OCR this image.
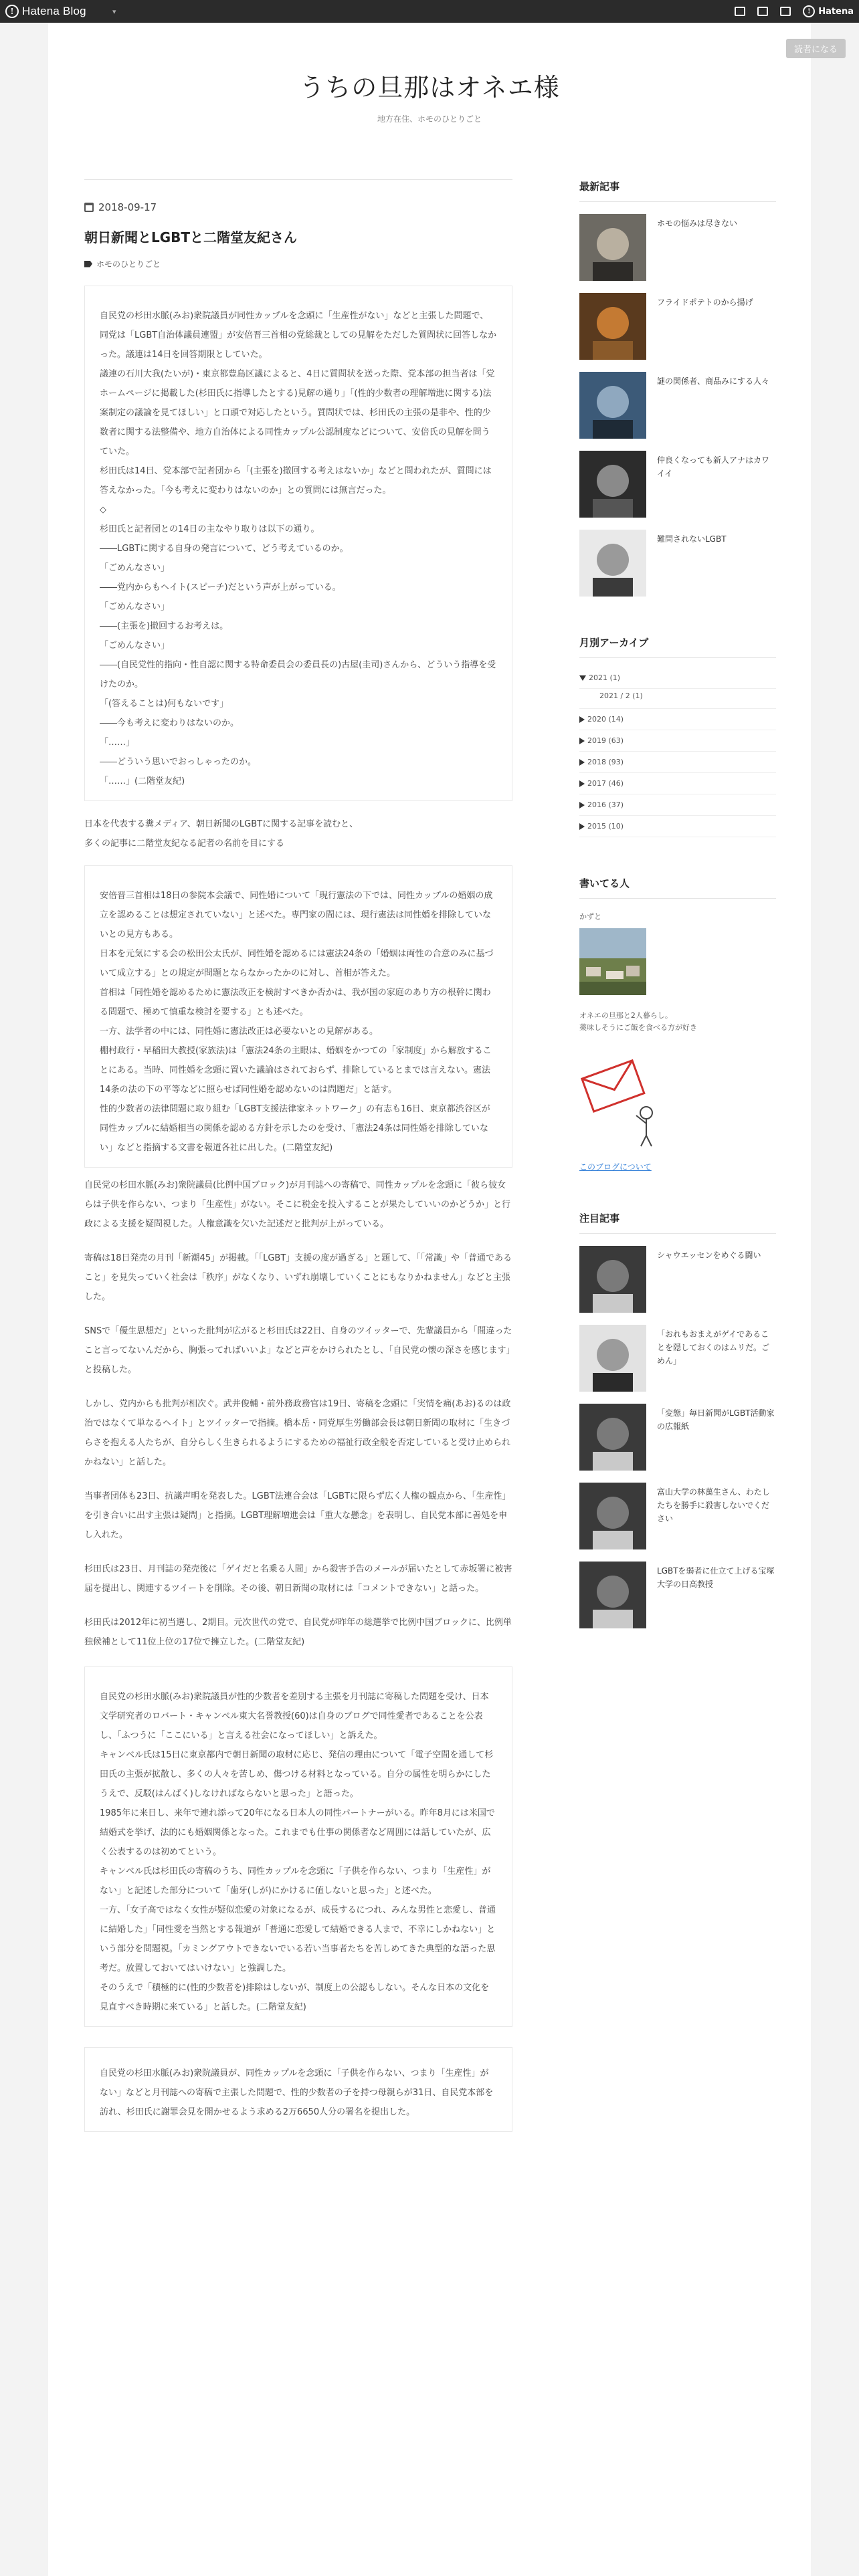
! Hatena Blog	▾	! Hatena
読者になる
うちの旦那はオネエ様
地方在住、ホモのひとりごと
2018-09-17
朝日新聞とLGBTと二階堂友紀さん
ホモのひとりごと

自民党の杉田水脈(みお)衆院議員が同性カップルを念頭に「生産性がない」などと主張した問題で、同党は「LGBT自治体議員連盟」が安倍晋三首相の党総裁としての見解をただした質問状に回答しなかった。議連は14日を回答期限としていた。

議連の石川大我(たいが)・東京都豊島区議によると、4日に質問状を送った際、党本部の担当者は「党ホームページに掲載した(杉田氏に指導したとする)見解の通り」「(性的少数者の理解増進に関する)法案制定の議論を見てほしい」と口頭で対応したという。質問状では、杉田氏の主張の是非や、性的少数者に関する法整備や、地方自治体による同性カップル公認制度などについて、安倍氏の見解を問うていた。

杉田氏は14日、党本部で記者団から「(主張を)撤回する考えはないか」などと問われたが、質問には答えなかった。「今も考えに変わりはないのか」との質問には無言だった。

◇

杉田氏と記者団との14日の主なやり取りは以下の通り。

――LGBTに関する自身の発言について、どう考えているのか。

「ごめんなさい」

――党内からもヘイト(スピーチ)だという声が上がっている。

「ごめんなさい」

――(主張を)撤回するお考えは。

「ごめんなさい」

――(自民党性的指向・性自認に関する特命委員会の委員長の)古屋(圭司)さんから、どういう指導を受けたのか。

「(答えることは)何もないです」

――今も考えに変わりはないのか。

「……」

――どういう思いでおっしゃったのか。

「……」(二階堂友紀)

日本を代表する糞メディア、朝日新聞のLGBTに関する記事を読むと、

多くの記事に二階堂友紀なる記者の名前を目にする

安倍晋三首相は18日の参院本会議で、同性婚について「現行憲法の下では、同性カップルの婚姻の成立を認めることは想定されていない」と述べた。専門家の間には、現行憲法は同性婚を排除していないとの見方もある。

日本を元気にする会の松田公太氏が、同性婚を認めるには憲法24条の「婚姻は両性の合意のみに基づいて成立する」との規定が問題とならなかったかのに対し、首相が答えた。

首相は「同性婚を認めるために憲法改正を検討すべきか否かは、我が国の家庭のあり方の根幹に関わる問題で、極めて慎重な検討を要する」とも述べた。

一方、法学者の中には、同性婚に憲法改正は必要ないとの見解がある。

棚村政行・早稲田大教授(家族法)は「憲法24条の主眼は、婚姻をかつての「家制度」から解放することにある。当時、同性婚を念頭に置いた議論はされておらず、排除しているとまでは言えない。憲法14条の法の下の平等などに照らせば同性婚を認めないのは問題だ」と話す。

性的少数者の法律問題に取り組む「LGBT支援法律家ネットワーク」の有志も16日、東京都渋谷区が同性カップルに結婚相当の関係を認める方針を示したのを受け、「憲法24条は同性婚を排除していない」などと指摘する文書を報道各社に出した。(二階堂友紀)

自民党の杉田水脈(みお)衆院議員(比例中国ブロック)が月刊誌への寄稿で、同性カップルを念頭に「彼ら彼女らは子供を作らない、つまり「生産性」がない。そこに税金を投入することが果たしていいのかどうか」と行政による支援を疑問視した。人権意識を欠いた記述だと批判が上がっている。

寄稿は18日発売の月刊「新潮45」が掲載。「「LGBT」支援の度が過ぎる」と題して、「「常識」や「普通であること」を見失っていく社会は「秩序」がなくなり、いずれ崩壊していくことにもなりかねません」などと主張した。

SNSで「優生思想だ」といった批判が広がると杉田氏は22日、自身のツイッターで、先輩議員から「間違ったこと言ってないんだから、胸張ってればいいよ」などと声をかけられたとし、「自民党の懐の深さを感じます」と投稿した。

しかし、党内からも批判が相次ぐ。武井俊輔・前外務政務官は19日、寄稿を念頭に「実情を痛(あお)るのは政治ではなくて単なるヘイト」とツイッターで指摘。橋本岳・同党厚生労働部会長は朝日新聞の取材に「生きづらさを抱える人たちが、自分らしく生きられるようにするための福祉行政全般を否定していると受け止められかねない」と話した。

当事者団体も23日、抗議声明を発表した。LGBT法連合会は「LGBTに限らず広く人権の観点から、「生産性」を引き合いに出す主張は疑問」と指摘。LGBT理解増進会は「重大な懸念」を表明し、自民党本部に善処を申し入れた。

杉田氏は23日、月刊誌の発売後に「ゲイだと名乗る人間」から殺害予告のメールが届いたとして赤坂署に被害届を提出し、関連するツイートを削除。その後、朝日新聞の取材には「コメントできない」と話った。

杉田氏は2012年に初当選し、2期目。元次世代の党で、自民党が昨年の総選挙で比例中国ブロックに、比例単独候補として11位上位の17位で擁立した。(二階堂友紀)

自民党の杉田水脈(みお)衆院議員が性的少数者を差別する主張を月刊誌に寄稿した問題を受け、日本文学研究者のロバート・キャンベル東大名誉教授(60)は自身のブログで同性愛者であることを公表し、「ふつうに「ここにいる」と言える社会になってほしい」と訴えた。

キャンベル氏は15日に東京都内で朝日新聞の取材に応じ、発信の理由について「電子空間を通して杉田氏の主張が拡散し、多くの人々を苦しめ、傷つける材料となっている。自分の属性を明らかにしたうえで、反駁(はんばく)しなければならないと思った」と語った。

1985年に来日し、来年で連れ添って20年になる日本人の同性パートナーがいる。昨年8月には米国で結婚式を挙げ、法的にも婚姻関係となった。これまでも仕事の関係者など周囲には話していたが、広く公表するのは初めてという。

キャンベル氏は杉田氏の寄稿のうち、同性カップルを念頭に「子供を作らない、つまり「生産性」がない」と記述した部分について「歯牙(しが)にかけるに値しないと思った」と述べた。

一方、「女子高ではなく女性が疑似恋愛の対象になるが、成長するにつれ、みんな男性と恋愛し、普通に結婚した」「同性愛を当然とする報道が「普通に恋愛して結婚できる人まで、不幸にしかねない」という部分を問題視。「カミングアウトできないでいる若い当事者たちを苦しめてきた典型的な語った思考だ。放置しておいてはいけない」と強調した。

そのうえで「積極的に(性的少数者を)排除はしないが、制度上の公認もしない。そんな日本の文化を見直すべき時期に来ている」と話した。(二階堂友紀)

自民党の杉田水脈(みお)衆院議員が、同性カップルを念頭に「子供を作らない、つまり「生産性」がない」などと月刊誌への寄稿で主張した問題で、性的少数者の子を持つ母親らが31日、自民党本部を訪れ、杉田氏に謝罪会見を開かせるよう求める2万6650人分の署名を提出した。

最新記事
ホモの悩みは尽きない
フライドポテトのから揚げ
謎の関係者、商品みにする人々
仲良くなっても新人アナはカワイイ
難問されないLGBT
月別アーカイブ
2021 (1)
2021 / 2 (1)
2020 (14)
2019 (63)
2018 (93)
2017 (46)
2016 (37)
2015 (10)
書いてる人
かずと
オネエの旦那と2人暮らし。
薬味しそうにご飯を食べる方が好き
このブログについて
注目記事
シャウエッセンをめぐる闘い
「おれもおまえがゲイであることを隠しておくのはムリだ。ごめん」
「変態」毎日新聞がLGBT活動家の広報紙
富山大学の林萬生さん、わたしたちを勝手に殺害しないでください
LGBTを弱者に仕立て上げる宝塚大学の日高教授
